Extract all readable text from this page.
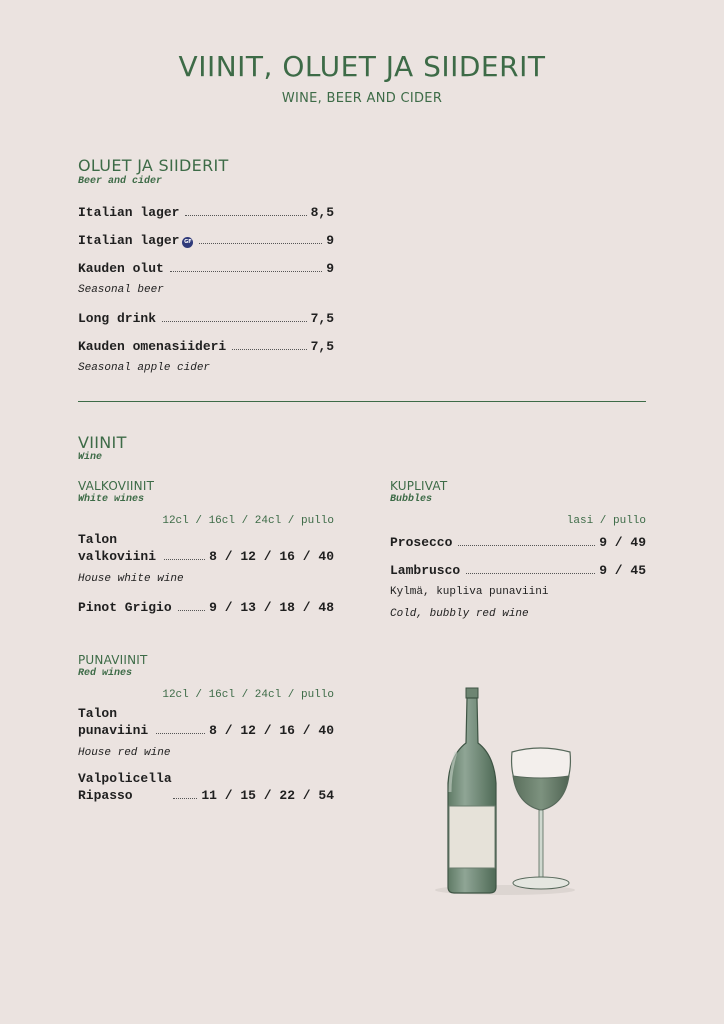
VIINIT, OLUET JA SIIDERIT
WINE, BEER AND CIDER
OLUET JA SIIDERIT
Beer and cider
Italian lager	8,5
Italian lager GF	9
Kauden olut	9
Seasonal beer
Long drink	7,5
Kauden omenasiideri	7,5
Seasonal apple cider
VIINIT
Wine
VALKOVIINIT
White wines
12cl / 16cl / 24cl / pullo
Talon
valkoviini	8 / 12 / 16 / 40
House white wine
Pinot Grigio	9 / 13 / 18 / 48
KUPLIVAT
Bubbles
lasi / pullo
Prosecco	9 / 49
Lambrusco	9 / 45
Kylmä, kupliva punaviini
Cold, bubbly red wine
PUNAVIINIT
Red wines
12cl / 16cl / 24cl / pullo
Talon
punaviini	8 / 12 / 16 / 40
House red wine
Valpolicella
Ripasso	11 / 15 / 22 / 54
